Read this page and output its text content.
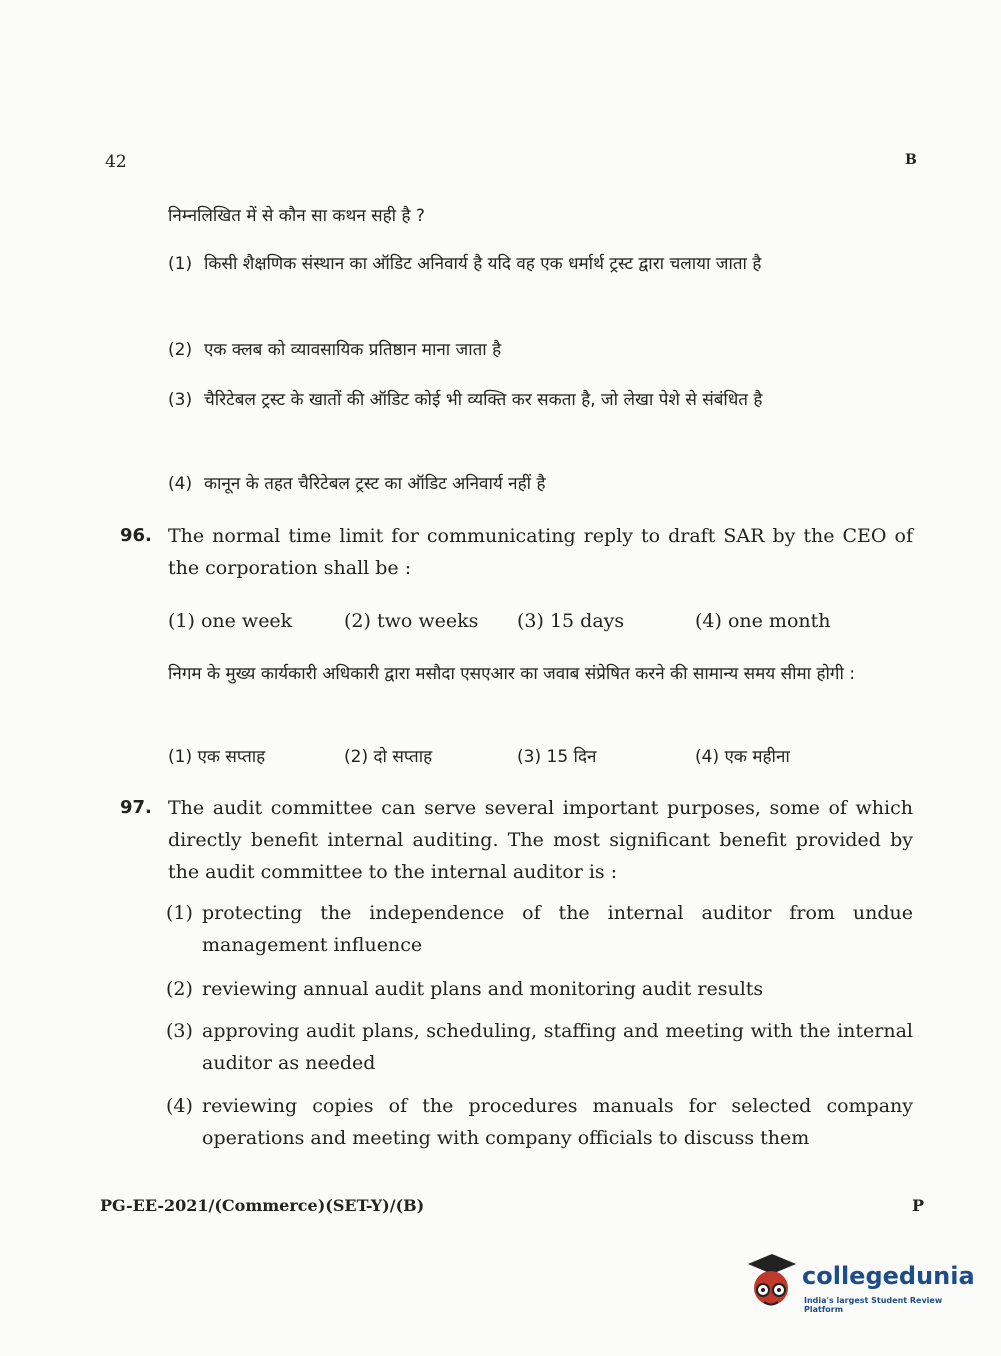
42	B
निम्नलिखित में से कौन सा कथन सही है ?
(1) किसी शैक्षणिक संस्थान का ऑडिट अनिवार्य है यदि वह एक धर्मार्थ ट्रस्ट द्वारा चलाया जाता है
(2) एक क्लब को व्यावसायिक प्रतिष्ठान माना जाता है
(3) चैरिटेबल ट्रस्ट के खातों की ऑडिट कोई भी व्यक्ति कर सकता है, जो लेखा पेशे से संबंधित है
(4) कानून के तहत चैरिटेबल ट्रस्ट का ऑडिट अनिवार्य नहीं है
96. The normal time limit for communicating reply to draft SAR by the CEO of the corporation shall be :
(1) one week	(2) two weeks	(3) 15 days	(4) one month
निगम के मुख्य कार्यकारी अधिकारी द्वारा मसौदा एसएआर का जवाब संप्रेषित करने की सामान्य समय सीमा होगी :
(1) एक सप्ताह	(2) दो सप्ताह	(3) 15 दिन	(4) एक महीना
97. The audit committee can serve several important purposes, some of which directly benefit internal auditing. The most significant benefit provided by the audit committee to the internal auditor is :
(1) protecting the independence of the internal auditor from undue management influence
(2) reviewing annual audit plans and monitoring audit results
(3) approving audit plans, scheduling, staffing and meeting with the internal auditor as needed
(4) reviewing copies of the procedures manuals for selected company operations and meeting with company officials to discuss them
PG-EE-2021/(Commerce)(SET-Y)/(B)	P
collegedunia
India's largest Student Review Platform
